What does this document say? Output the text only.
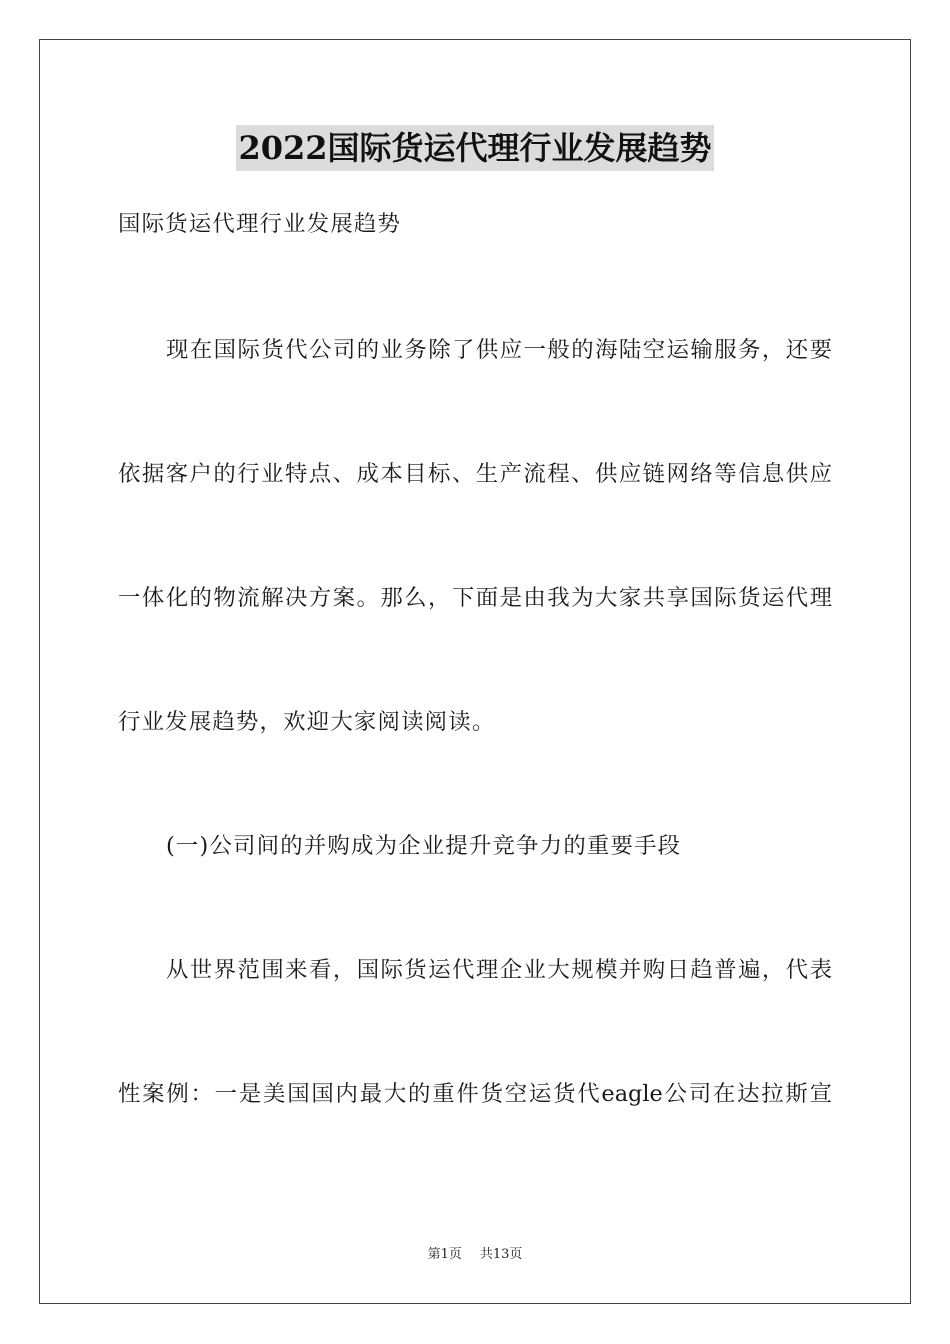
2022国际货运代理行业发展趋势
国际货运代理行业发展趋势
现在国际货代公司的业务除了供应一般的海陆空运输服务，还要
依据客户的行业特点、成本目标、生产流程、供应链网络等信息供应
一体化的物流解决方案。那么，下面是由我为大家共享国际货运代理
行业发展趋势，欢迎大家阅读阅读。
(一)公司间的并购成为企业提升竞争力的重要手段
从世界范围来看，国际货运代理企业大规模并购日趋普遍，代表
性案例：一是美国国内最大的重件货空运货代eagle公司在达拉斯宣
第1页 共13页
